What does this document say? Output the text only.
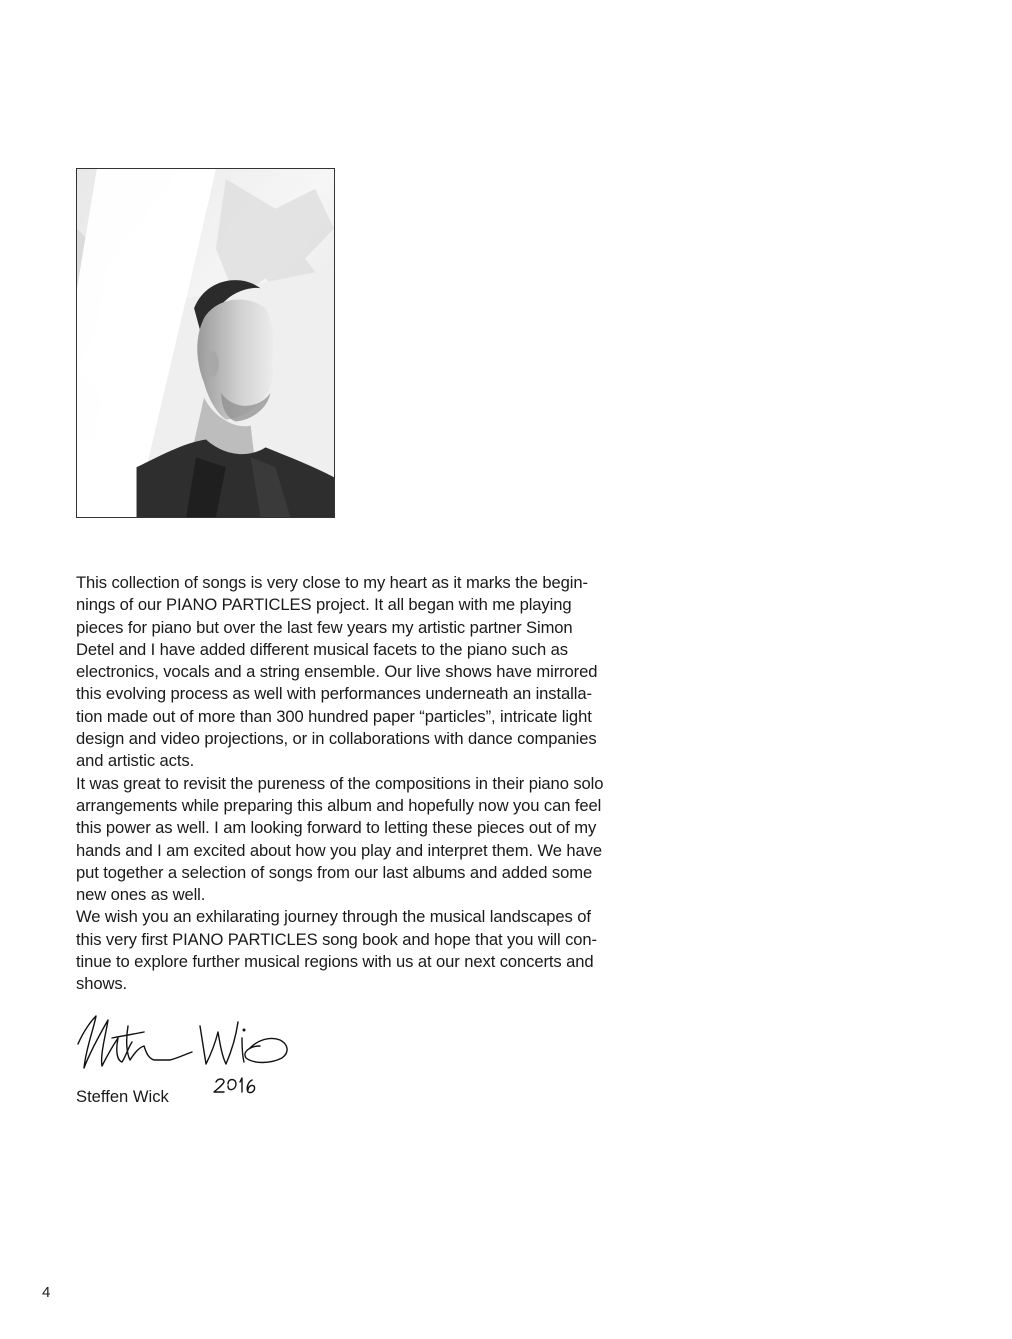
This collection of songs is very close to my heart as it marks the begin-
nings of our PIANO PARTICLES project. It all began with me playing
pieces for piano but over the last few years my artistic partner Simon
Detel and I have added different musical facets to the piano such as
electronics, vocals and a string ensemble. Our live shows have mirrored
this evolving process as well with performances underneath an installa-
tion made out of more than 300 hundred paper “particles”, intricate light
design and video projections, or in collaborations with dance companies
and artistic acts.

It was great to revisit the pureness of the compositions in their piano solo
arrangements while preparing this album and hopefully now you can feel
this power as well. I am looking forward to letting these pieces out of my
hands and I am excited about how you play and interpret them. We have
put together a selection of songs from our last albums and added some
new ones as well.

We wish you an exhilarating journey through the musical landscapes of
this very first PIANO PARTICLES song book and hope that you will con-
tinue to explore further musical regions with us at our next concerts and
shows.

Steffen Wick
4
